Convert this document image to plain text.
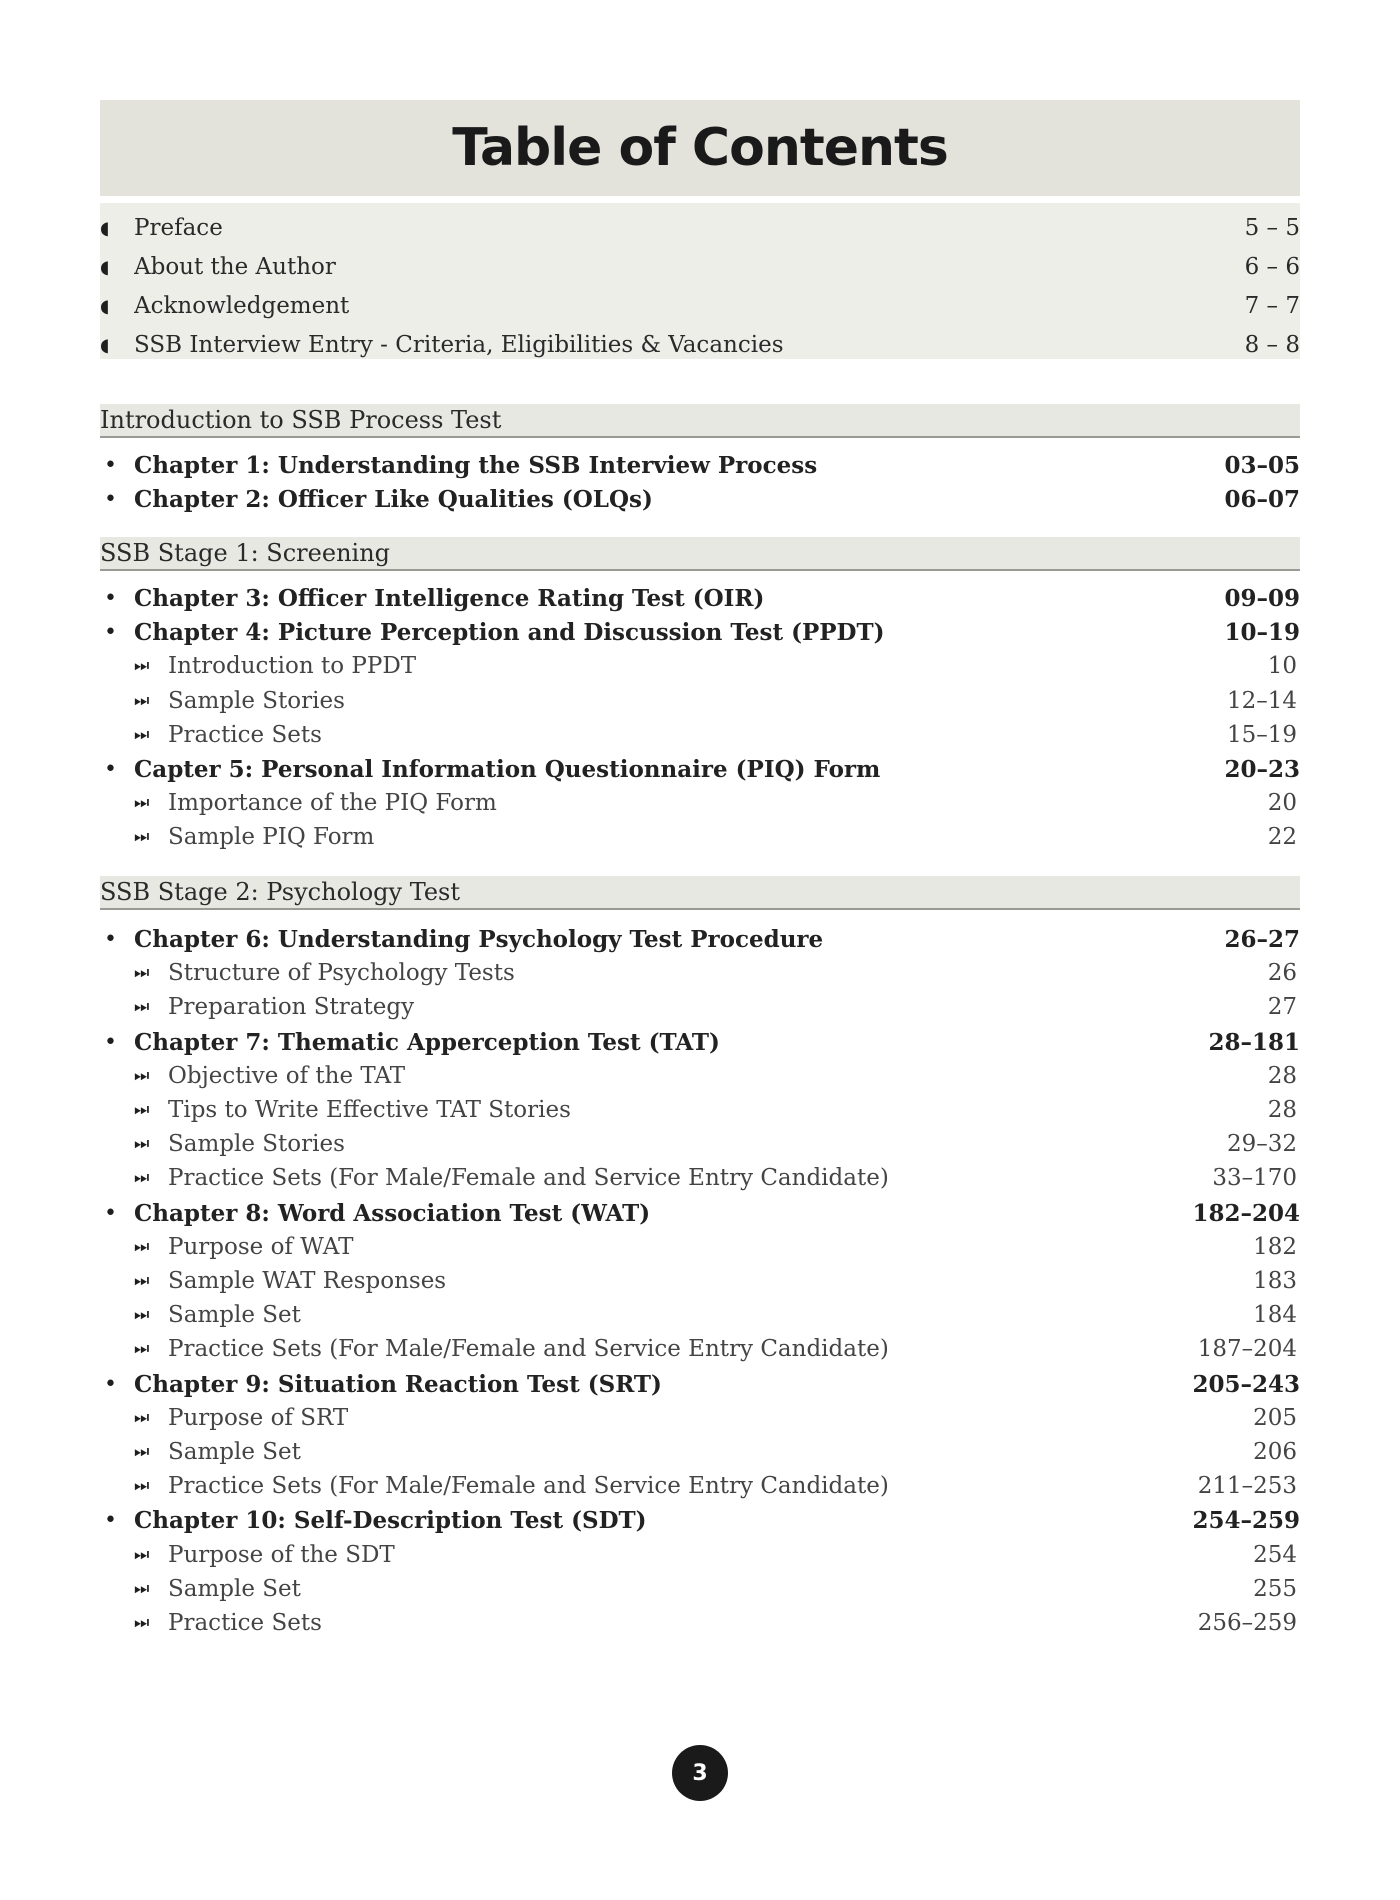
Table of Contents
◖	Preface	5 – 5
◖	About the Author	6 – 6
◖	Acknowledgement	7 – 7
◖	SSB Interview Entry - Criteria, Eligibilities & Vacancies	8 – 8
Introduction to SSB Process Test
• Chapter 1: Understanding the SSB Interview Process	03–05
• Chapter 2: Officer Like Qualities (OLQs)	06–07
SSB Stage 1: Screening
• Chapter 3: Officer Intelligence Rating Test (OIR)	09–09
• Chapter 4: Picture Perception and Discussion Test (PPDT)	10–19
⏭ Introduction to PPDT	10
⏭ Sample Stories	12–14
⏭ Practice Sets	15–19
• Capter 5: Personal Information Questionnaire (PIQ) Form	20–23
⏭ Importance of the PIQ Form	20
⏭ Sample PIQ Form	22
SSB Stage 2: Psychology Test
• Chapter 6: Understanding Psychology Test Procedure	26–27
⏭ Structure of Psychology Tests	26
⏭ Preparation Strategy	27
• Chapter 7: Thematic Apperception Test (TAT)	28–181
⏭ Objective of the TAT	28
⏭ Tips to Write Effective TAT Stories	28
⏭ Sample Stories	29–32
⏭ Practice Sets (For Male/Female and Service Entry Candidate)	33–170
• Chapter 8: Word Association Test (WAT)	182–204
⏭ Purpose of WAT	182
⏭ Sample WAT Responses	183
⏭ Sample Set	184
⏭ Practice Sets (For Male/Female and Service Entry Candidate)	187–204
• Chapter 9: Situation Reaction Test (SRT)	205–243
⏭ Purpose of SRT	205
⏭ Sample Set	206
⏭ Practice Sets (For Male/Female and Service Entry Candidate)	211–253
• Chapter 10: Self-Description Test (SDT)	254–259
⏭ Purpose of the SDT	254
⏭ Sample Set	255
⏭ Practice Sets	256–259
3
